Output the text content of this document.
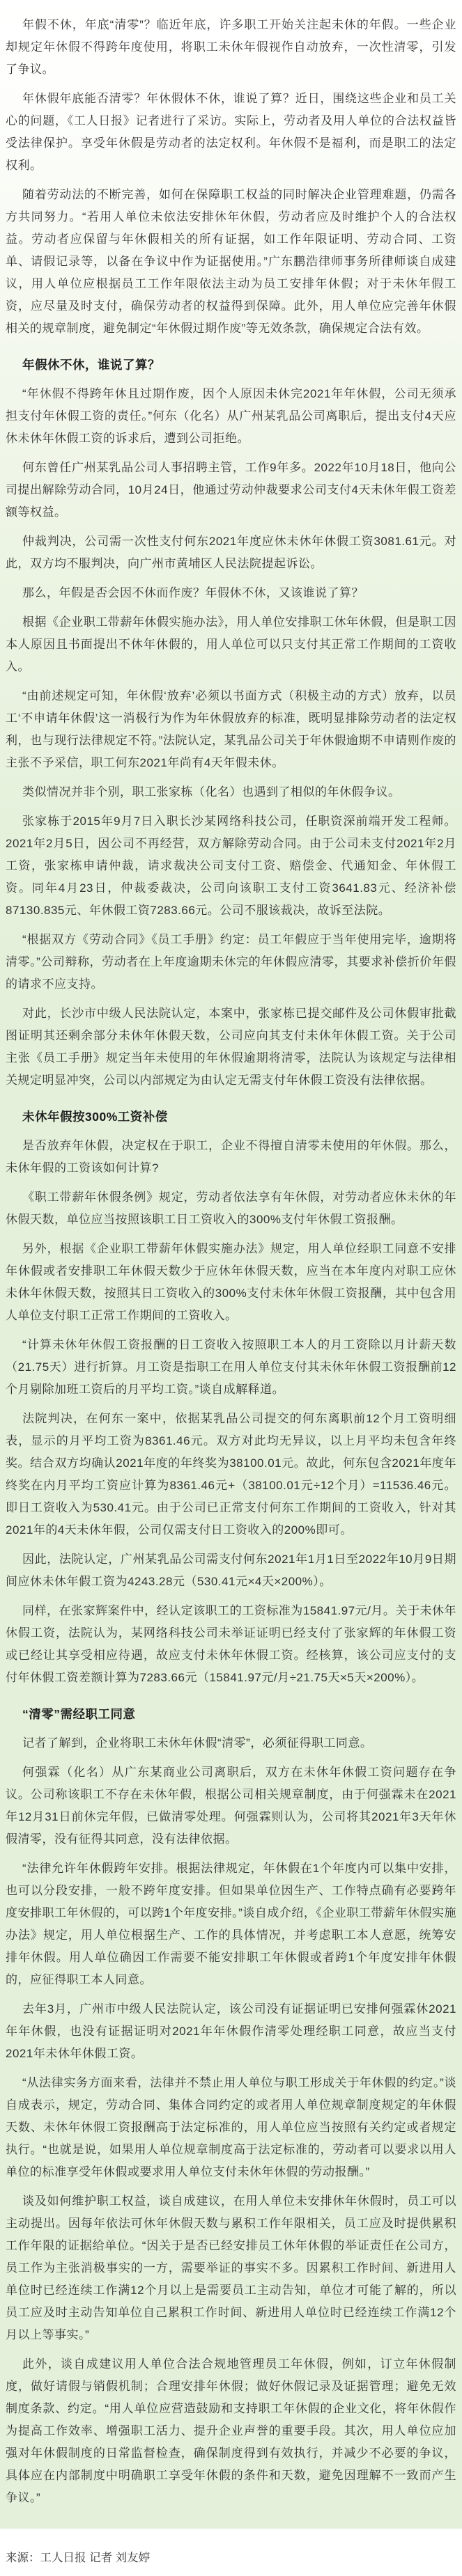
年假不休，年底“清零”？临近年底，许多职工开始关注起未休的年假。一些企业却规定年休假不得跨年度使用，将职工未休年假视作自动放弃，一次性清零，引发了争议。

年休假年底能否清零？年休假休不休，谁说了算？近日，围绕这些企业和员工关心的问题，《工人日报》记者进行了采访。实际上，劳动者及用人单位的合法权益皆受法律保护。享受年休假是劳动者的法定权利。年休假不是福利，而是职工的法定权利。

随着劳动法的不断完善，如何在保障职工权益的同时解决企业管理难题，仍需各方共同努力。“若用人单位未依法安排休年休假，劳动者应及时维护个人的合法权益。劳动者应保留与年休假相关的所有证据，如工作年限证明、劳动合同、工资单、请假记录等，以备在争议中作为证据使用。”广东鹏浩律师事务所律师谈自成建议，用人单位应根据员工工作年限依法主动为员工安排年休假；对于未休年假工资，应尽量及时支付，确保劳动者的权益得到保障。此外，用人单位应完善年休假相关的规章制度，避免制定“年休假过期作废”等无效条款，确保规定合法有效。

年假休不休，谁说了算？

“年休假不得跨年休且过期作废，因个人原因未休完2021年年休假，公司无须承担支付年休假工资的责任。”何东（化名）从广州某乳品公司离职后，提出支付4天应休未休年休假工资的诉求后，遭到公司拒绝。

何东曾任广州某乳品公司人事招聘主管，工作9年多。2022年10月18日，他向公司提出解除劳动合同，10月24日，他通过劳动仲裁要求公司支付4天未休年假工资差额等权益。

仲裁判决，公司需一次性支付何东2021年度应休未休年休假工资3081.61元。对此，双方均不服判决，向广州市黄埔区人民法院提起诉讼。

那么，年假是否会因不休而作废？年假休不休，又该谁说了算？

根据《企业职工带薪年休假实施办法》，用人单位安排职工休年休假，但是职工因本人原因且书面提出不休年休假的，用人单位可以只支付其正常工作期间的工资收入。

“由前述规定可知，年休假‘放弃’必须以书面方式（积极主动的方式）放弃，以员工‘不申请年休假’这一消极行为作为年休假放弃的标准，既明显排除劳动者的法定权利，也与现行法律规定不符。”法院认定，某乳品公司关于年休假逾期不申请则作废的主张不予采信，职工何东2021年尚有4天年假未休。

类似情况并非个别，职工张家栋（化名）也遇到了相似的年休假争议。

张家栋于2015年9月7日入职长沙某网络科技公司，任职资深前端开发工程师。2021年2月5日，因公司不再经营，双方解除劳动合同。由于公司未支付2021年2月工资，张家栋申请仲裁，请求裁决公司支付工资、赔偿金、代通知金、年休假工资。同年4月23日，仲裁委裁决，公司向该职工支付工资3641.83元、经济补偿87130.835元、年休假工资7283.66元。公司不服该裁决，故诉至法院。

“根据双方《劳动合同》《员工手册》约定：员工年假应于当年使用完毕，逾期将清零。”公司辩称，劳动者在上年度逾期未休完的年休假应清零，其要求补偿折价年假的请求不应支持。

对此，长沙市中级人民法院认定，本案中，张家栋已提交邮件及公司休假审批截图证明其还剩余部分未休年休假天数，公司应向其支付未休年休假工资。关于公司主张《员工手册》规定当年未使用的年休假逾期将清零，法院认为该规定与法律相关规定明显冲突，公司以内部规定为由认定无需支付年休假工资没有法律依据。

未休年假按300%工资补偿

是否放弃年休假，决定权在于职工，企业不得擅自清零未使用的年休假。那么，未休年假的工资该如何计算?

《职工带薪年休假条例》规定，劳动者依法享有年休假，对劳动者应休未休的年休假天数，单位应当按照该职工日工资收入的300%支付年休假工资报酬。

另外，根据《企业职工带薪年休假实施办法》规定，用人单位经职工同意不安排年休假或者安排职工年休假天数少于应休年休假天数，应当在本年度内对职工应休未休年休假天数，按照其日工资收入的300%支付未休年休假工资报酬，其中包含用人单位支付职工正常工作期间的工资收入。

“计算未休年休假工资报酬的日工资收入按照职工本人的月工资除以月计薪天数（21.75天）进行折算。月工资是指职工在用人单位支付其未休年休假工资报酬前12个月剔除加班工资后的月平均工资。”谈自成解释道。

法院判决，在何东一案中，依据某乳品公司提交的何东离职前12个月工资明细表，显示的月平均工资为8361.46元。双方对此均无异议，以上月平均未包含年终奖。结合双方均确认2021年度的年终奖为38100.01元。故此，何东包含2021年度年终奖在内月平均工资应计算为8361.46元+（38100.01元÷12个月）=11536.46元。即日工资收入为530.41元。由于公司已正常支付何东工作期间的工资收入，针对其2021年的4天未休年假，公司仅需支付日工资收入的200%即可。

因此，法院认定，广州某乳品公司需支付何东2021年1月1日至2022年10月9日期间应休未休年假工资为4243.28元（530.41元×4天×200%）。

同样，在张家辉案件中，经认定该职工的工资标准为15841.97元/月。关于未休年休假工资，法院认为，某网络科技公司未举证证明已经支付了张家辉的年休假工资或已经让其享受相应待遇，故应支付未休年休假工资。经核算，该公司应支付的支付年休假工资差额计算为7283.66元（15841.97元/月÷21.75天×5天×200%）。

“清零”需经职工同意

记者了解到，企业将职工未休年休假“清零”，必须征得职工同意。

何强霖（化名）从广东某商业公司离职后，双方在未休年休假工资问题存在争议。公司称该职工不存在未休年假，根据公司相关规章制度，由于何强霖未在2021年12月31日前休完年假，已做清零处理。何强霖则认为，公司将其2021年3天年休假清零，没有征得其同意，没有法律依据。

“法律允许年休假跨年安排。根据法律规定，年休假在1个年度内可以集中安排，也可以分段安排，一般不跨年度安排。但如果单位因生产、工作特点确有必要跨年度安排职工年休假的，可以跨1个年度安排。”谈自成介绍，《企业职工带薪年休假实施办法》规定，用人单位根据生产、工作的具体情况，并考虑职工本人意愿，统筹安排年休假。用人单位确因工作需要不能安排职工年休假或者跨1个年度安排年休假的，应征得职工本人同意。

去年3月，广州市中级人民法院认定，该公司没有证据证明已安排何强霖休2021年年休假，也没有证据证明对2021年年休假作清零处理经职工同意，故应当支付2021年未休年休假工资。

“从法律实务方面来看，法律并不禁止用人单位与职工形成关于年休假的约定。”谈自成表示，规定，劳动合同、集体合同约定的或者用人单位规章制度规定的年休假天数、未休年休假工资报酬高于法定标准的，用人单位应当按照有关约定或者规定执行。“也就是说，如果用人单位规章制度高于法定标准的，劳动者可以要求以用人单位的标准享受年休假或要求用人单位支付未休年休假的劳动报酬。”

谈及如何维护职工权益，谈自成建议，在用人单位未安排休年休假时，员工可以主动提出。因每年依法可休年休假天数与累积工作年限相关，员工应及时提供累积工作年限的证据给单位。“因关于是否已经安排员工休年休假的举证责任在公司方，员工作为主张消极事实的一方，需要举证的事实不多。因累积工作时间、新进用人单位时已经连续工作满12个月以上是需要员工主动告知，单位才可能了解的，所以员工应及时主动告知单位自己累积工作时间、新进用人单位时已经连续工作满12个月以上等事实。”

此外，谈自成建议用人单位合法合规地管理员工年休假，例如，订立年休假制度，做好请假与销假机制；合理安排年休假；做好休假记录及证据管理；避免无效制度条款、约定。“用人单位应营造鼓励和支持职工年休假的企业文化，将年休假作为提高工作效率、增强职工活力、提升企业声誉的重要手段。其次，用人单位应加强对年休假制度的日常监督检查，确保制度得到有效执行，并减少不必要的争议，具体应在内部制度中明确职工享受年休假的条件和天数，避免因理解不一致而产生争议。”

来源：工人日报 记者 刘友婷
